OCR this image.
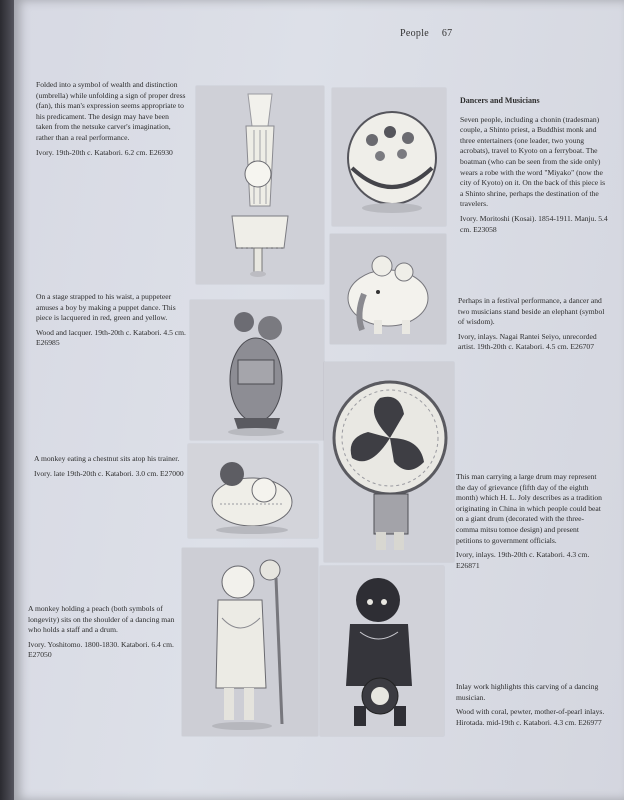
People 67

Folded into a symbol of wealth and distinction (umbrella) while unfolding a sign of proper dress (fan), this man's expression seems appropriate to his predicament. The design may have been taken from the netsuke carver's imagination, rather than a real performance.

Ivory. 19th-20th c. Katabori. 6.2 cm. E26930

On a stage strapped to his waist, a puppeteer amuses a boy by making a puppet dance. This piece is lacquered in red, green and yellow.

Wood and lacquer. 19th-20th c. Katabori. 4.5 cm. E26985

A monkey eating a chestnut sits atop his trainer.

Ivory. late 19th-20th c. Katabori. 3.0 cm. E27000

A monkey holding a peach (both symbols of longevity) sits on the shoulder of a dancing man who holds a staff and a drum.

Ivory. Yoshitomo. 1800-1830. Katabori. 6.4 cm. E27050

Dancers and Musicians

Seven people, including a chonin (tradesman) couple, a Shinto priest, a Buddhist monk and three entertainers (one leader, two young acrobats), travel to Kyoto on a ferryboat. The boatman (who can be seen from the side only) wears a robe with the word "Miyako" (now the city of Kyoto) on it. On the back of this piece is a Shinto shrine, perhaps the destination of the travelers.

Ivory. Moritoshi (Kosai). 1854-1911. Manju. 5.4 cm. E23058

Perhaps in a festival performance, a dancer and two musicians stand beside an elephant (symbol of wisdom).

Ivory, inlays. Nagai Rantei Seiyo, unrecorded artist. 19th-20th c. Katabori. 4.5 cm. E26707

This man carrying a large drum may represent the day of grievance (fifth day of the eighth month) which H. L. Joly describes as a tradition originating in China in which people could beat on a giant drum (decorated with the three-comma mitsu tomoe design) and present petitions to government officials.

Ivory, inlays. 19th-20th c. Katabori. 4.3 cm. E26871

Inlay work highlights this carving of a dancing musician.

Wood with coral, pewter, mother-of-pearl inlays. Hirotada. mid-19th c. Katabori. 4.3 cm. E26977
